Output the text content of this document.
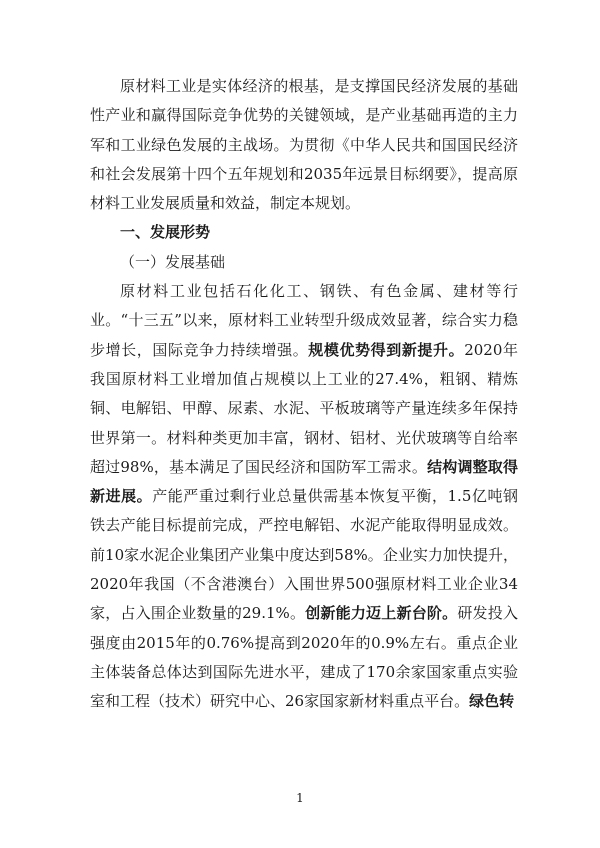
原材料工业是实体经济的根基，是支撑国民经济发展的基础性产业和赢得国际竞争优势的关键领域，是产业基础再造的主力军和工业绿色发展的主战场。为贯彻《中华人民共和国国民经济和社会发展第十四个五年规划和2035年远景目标纲要》，提高原材料工业发展质量和效益，制定本规划。

一、发展形势

（一）发展基础

原材料工业包括石化化工、钢铁、有色金属、建材等行业。“十三五”以来，原材料工业转型升级成效显著，综合实力稳步增长，国际竞争力持续增强。规模优势得到新提升。2020年我国原材料工业增加值占规模以上工业的27.4%，粗钢、精炼铜、电解铝、甲醇、尿素、水泥、平板玻璃等产量连续多年保持世界第一。材料种类更加丰富，钢材、铝材、光伏玻璃等自给率超过98%，基本满足了国民经济和国防军工需求。结构调整取得新进展。产能严重过剩行业总量供需基本恢复平衡，1.5亿吨钢铁去产能目标提前完成，严控电解铝、水泥产能取得明显成效。前10家水泥企业集团产业集中度达到58%。企业实力加快提升，2020年我国（不含港澳台）入围世界500强原材料工业企业34家，占入围企业数量的29.1%。创新能力迈上新台阶。研发投入强度由2015年的0.76%提高到2020年的0.9%左右。重点企业主体装备总体达到国际先进水平，建成了170余家国家重点实验室和工程（技术）研究中心、26家国家新材料重点平台。绿色转

1
